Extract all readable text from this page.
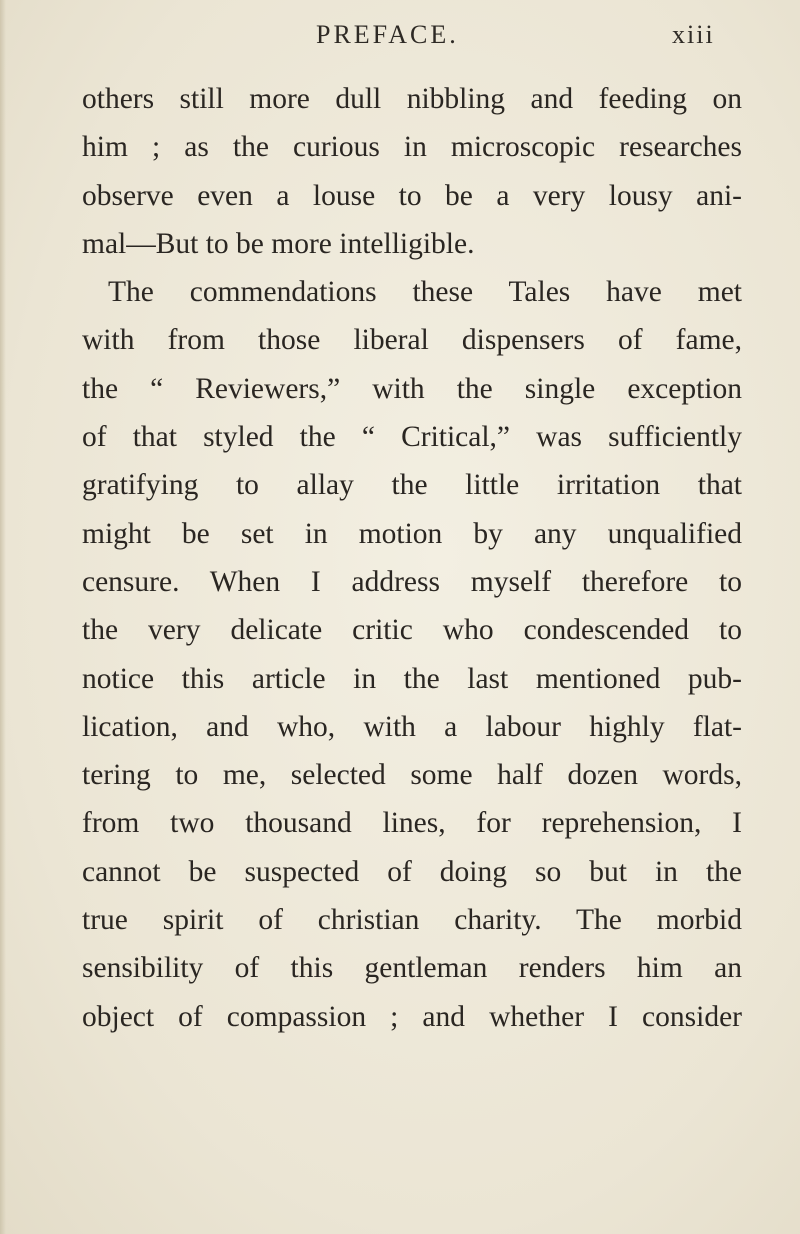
PREFACE.	xiii
others still more dull nibbling and feeding on
him ; as the curious in microscopic researches
observe even a louse to be a very lousy ani-
mal—But to be more intelligible.
The commendations these Tales have met
with from those liberal dispensers of fame,
the “ Reviewers,” with the single exception
of that styled the “ Critical,” was sufficiently
gratifying to allay the little irritation that
might be set in motion by any unqualified
censure. When I address myself therefore to
the very delicate critic who condescended to
notice this article in the last mentioned pub-
lication, and who, with a labour highly flat-
tering to me, selected some half dozen words,
from two thousand lines, for reprehension, I
cannot be suspected of doing so but in the
true spirit of christian charity. The morbid
sensibility of this gentleman renders him an
object of compassion ; and whether I consider
